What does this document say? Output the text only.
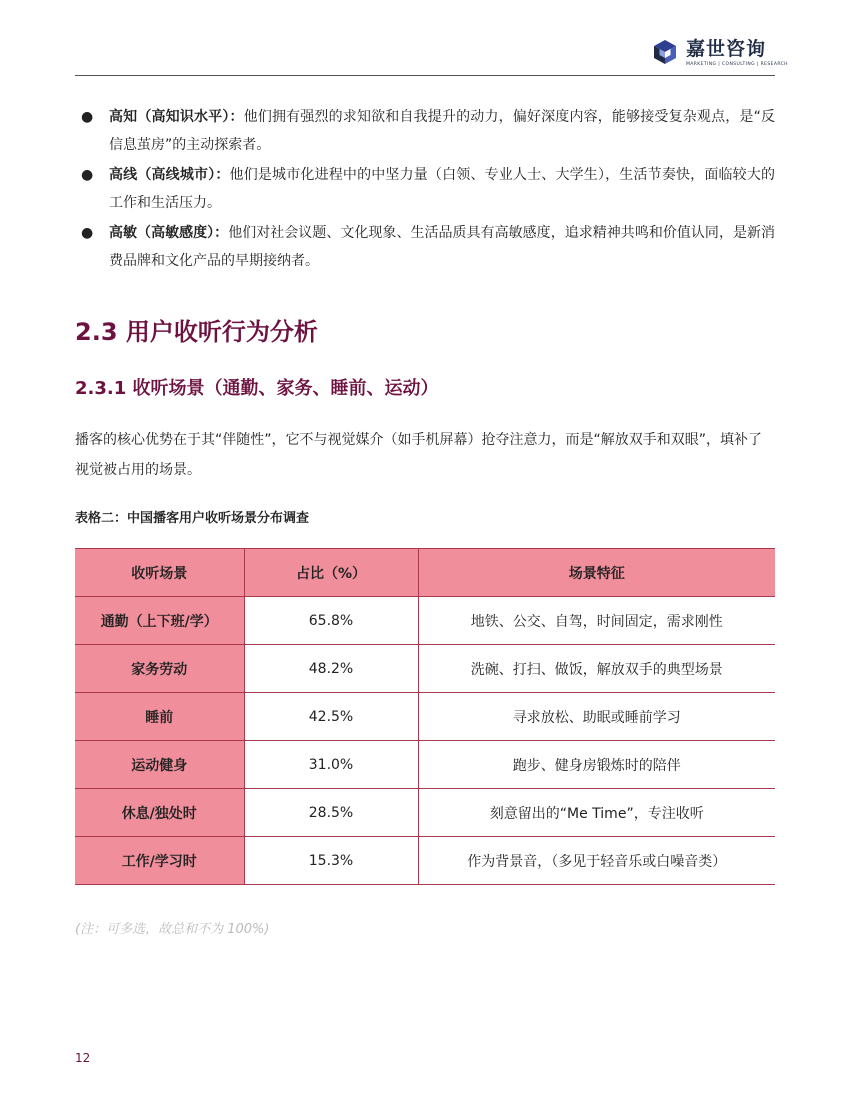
嘉世咨询
MARKETING | CONSULTING | RESEARCH
●	高知（高知识水平）：他们拥有强烈的求知欲和自我提升的动力，偏好深度内容，能够接受复杂观点，是“反信息茧房”的主动探索者。
●	高线（高线城市）：他们是城市化进程中的中坚力量（白领、专业人士、大学生），生活节奏快，面临较大的工作和生活压力。
●	高敏（高敏感度）：他们对社会议题、文化现象、生活品质具有高敏感度，追求精神共鸣和价值认同，是新消费品牌和文化产品的早期接纳者。
2.3 用户收听行为分析
2.3.1 收听场景（通勤、家务、睡前、运动）
播客的核心优势在于其“伴随性”，它不与视觉媒介（如手机屏幕）抢夺注意力，而是“解放双手和双眼”，填补了视觉被占用的场景。
表格二：中国播客用户收听场景分布调查
收听场景	占比（%）	场景特征
通勤（上下班/学）	65.8%	地铁、公交、自驾，时间固定，需求刚性
家务劳动	48.2%	洗碗、打扫、做饭，解放双手的典型场景
睡前	42.5%	寻求放松、助眠或睡前学习
运动健身	31.0%	跑步、健身房锻炼时的陪伴
休息/独处时	28.5%	刻意留出的“Me Time”，专注收听
工作/学习时	15.3%	作为背景音，（多见于轻音乐或白噪音类）
(注：可多选，故总和不为 100%)
12
